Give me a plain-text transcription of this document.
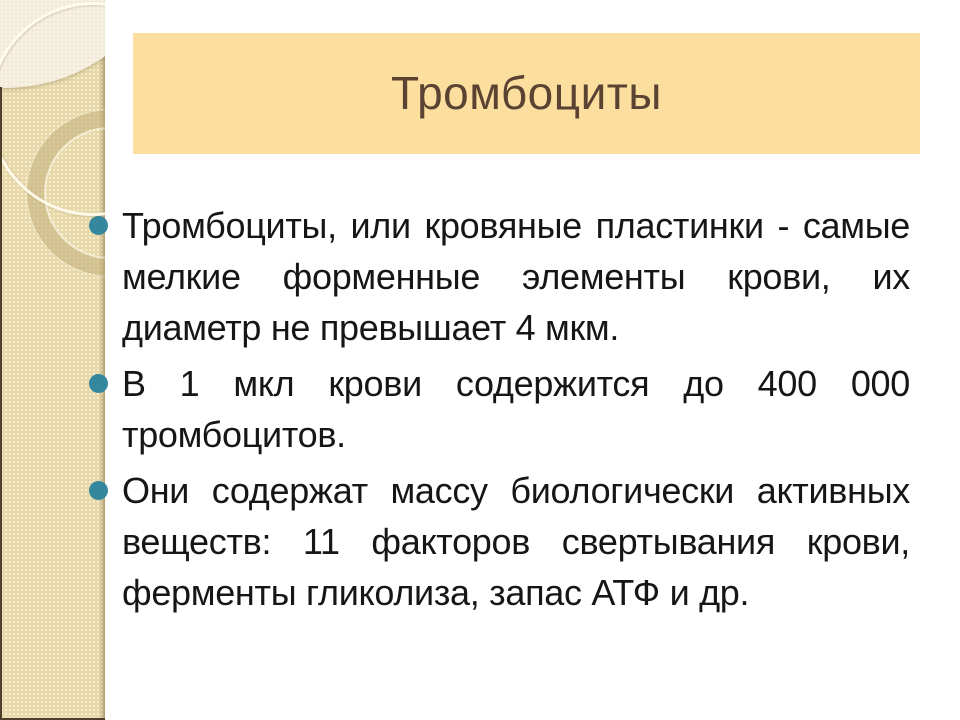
Тромбоциты
Тромбоциты, или кровяные пластинки - самые мелкие форменные элементы крови, их диаметр не превышает 4 мкм.
В 1 мкл крови содержится до 400 000 тромбоцитов.
Они содержат массу биологически активных веществ: 11 факторов свертывания крови, ферменты гликолиза, запас АТФ и др.
